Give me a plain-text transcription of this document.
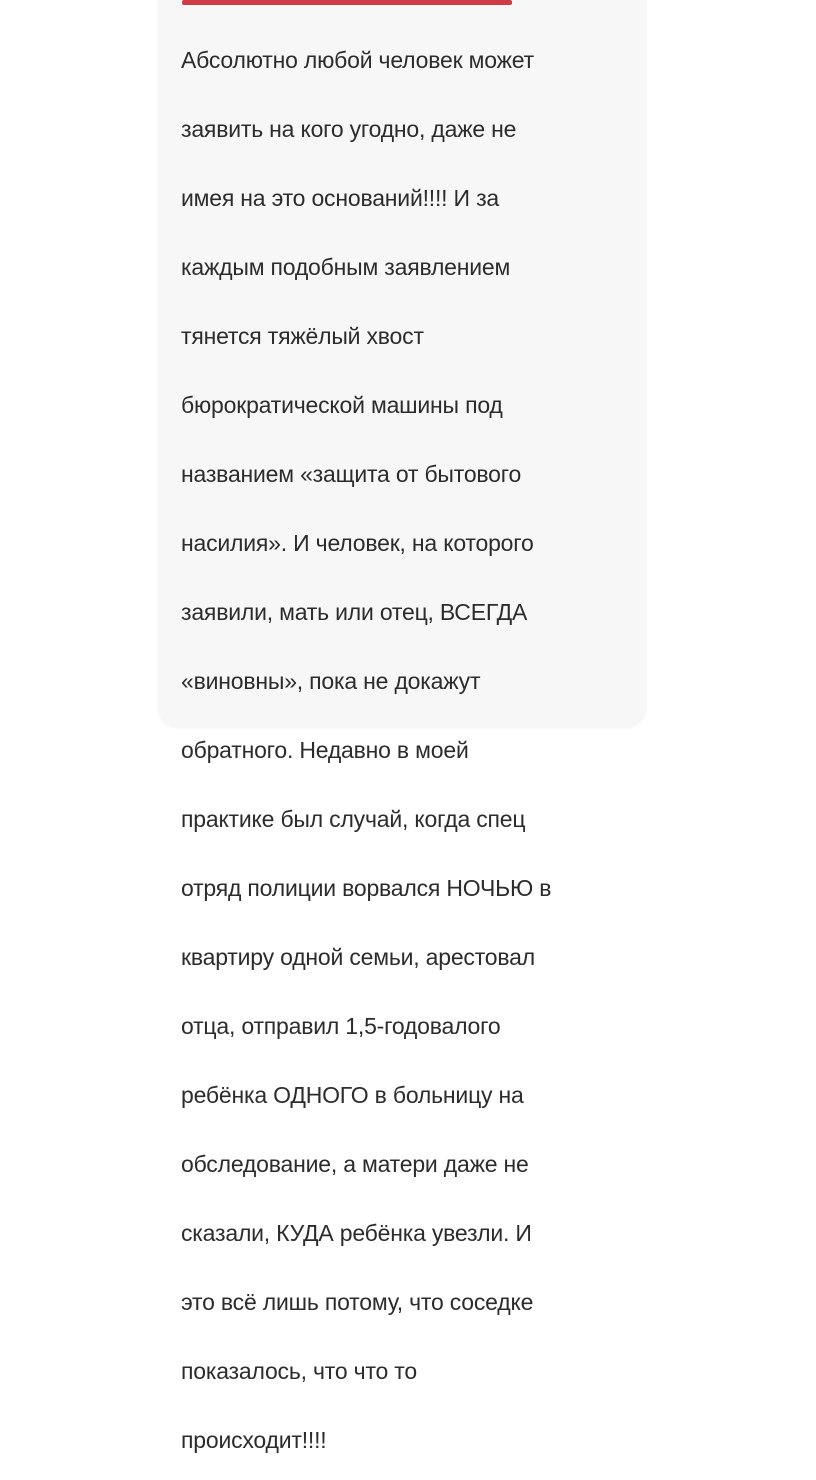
Абсолютно любой человек может

заявить на кого угодно, даже не

имея на это оснований!!!! И за

каждым подобным заявлением

тянется тяжёлый хвост

бюрократической машины под

названием «защита от бытового

насилия». И человек, на которого

заявили, мать или отец, ВСЕГДА

«виновны», пока не докажут

обратного. Недавно в моей

практике был случай, когда спец

отряд полиции ворвался НОЧЬЮ в

квартиру одной семьи, арестовал

отца, отправил 1,5-годовалого

ребёнка ОДНОГО в больницу на

обследование, а матери даже не

сказали, КУДА ребёнка увезли. И

это всё лишь потому, что соседке

показалось, что что то

происходит!!!!
